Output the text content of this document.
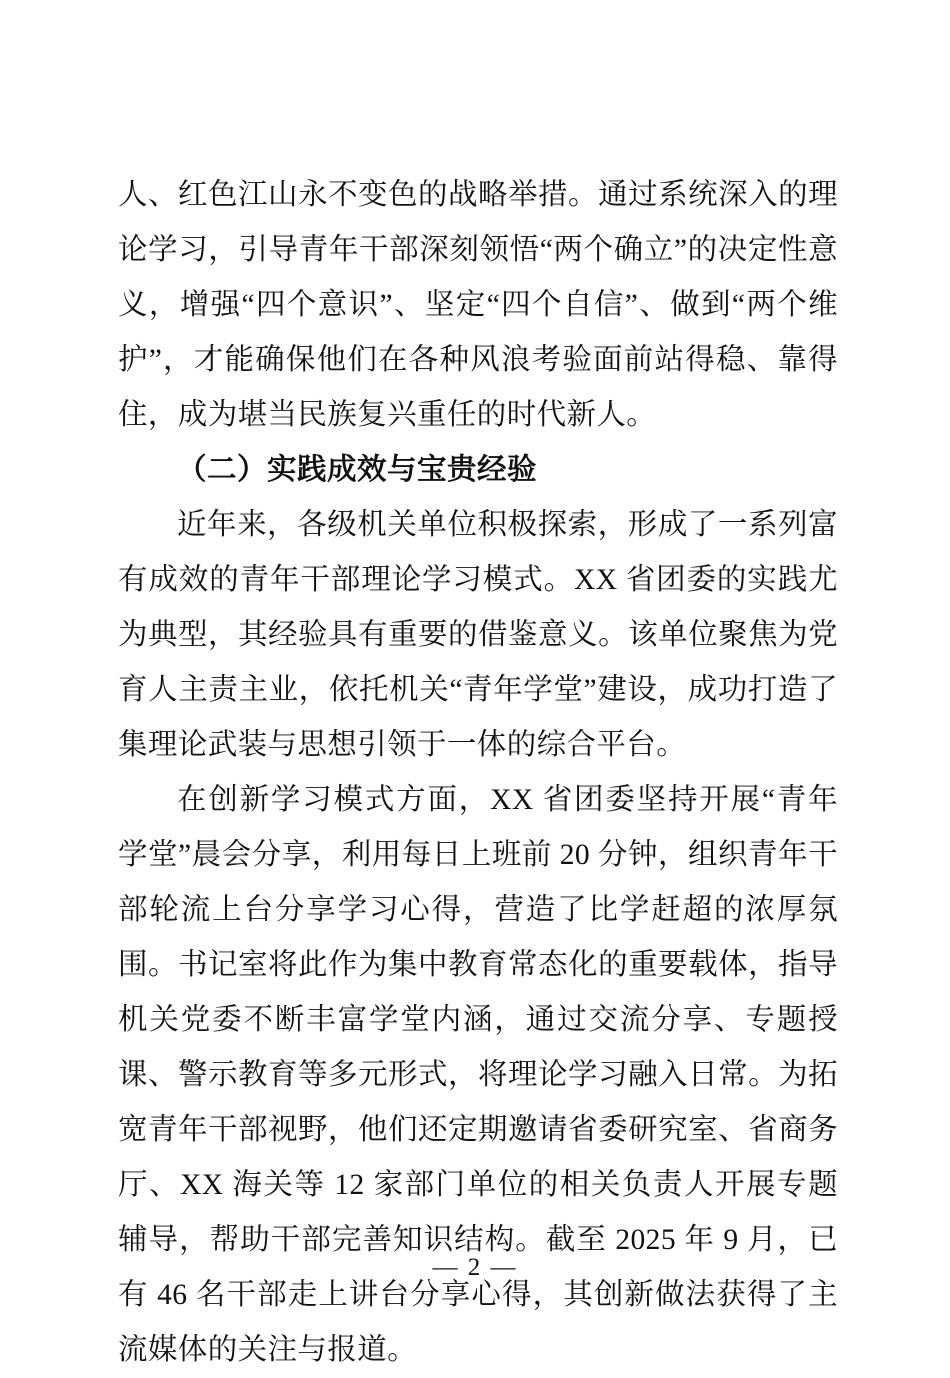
人、红色江山永不变色的战略举措。通过系统深入的理论学习，引导青年干部深刻领悟“两个确立”的决定性意义，增强“四个意识”、坚定“四个自信”、做到“两个维护”，才能确保他们在各种风浪考验面前站得稳、靠得住，成为堪当民族复兴重任的时代新人。

（二）实践成效与宝贵经验

近年来，各级机关单位积极探索，形成了一系列富有成效的青年干部理论学习模式。XX 省团委的实践尤为典型，其经验具有重要的借鉴意义。该单位聚焦为党育人主责主业，依托机关“青年学堂”建设，成功打造了集理论武装与思想引领于一体的综合平台。

在创新学习模式方面，XX 省团委坚持开展“青年学堂”晨会分享，利用每日上班前 20 分钟，组织青年干部轮流上台分享学习心得，营造了比学赶超的浓厚氛围。书记室将此作为集中教育常态化的重要载体，指导机关党委不断丰富学堂内涵，通过交流分享、专题授课、警示教育等多元形式，将理论学习融入日常。为拓宽青年干部视野，他们还定期邀请省委研究室、省商务厅、XX 海关等 12 家部门单位的相关负责人开展专题辅导，帮助干部完善知识结构。截至 2025 年 9 月，已有 46 名干部走上讲台分享心得，其创新做法获得了主流媒体的关注与报道。

— 2 —
